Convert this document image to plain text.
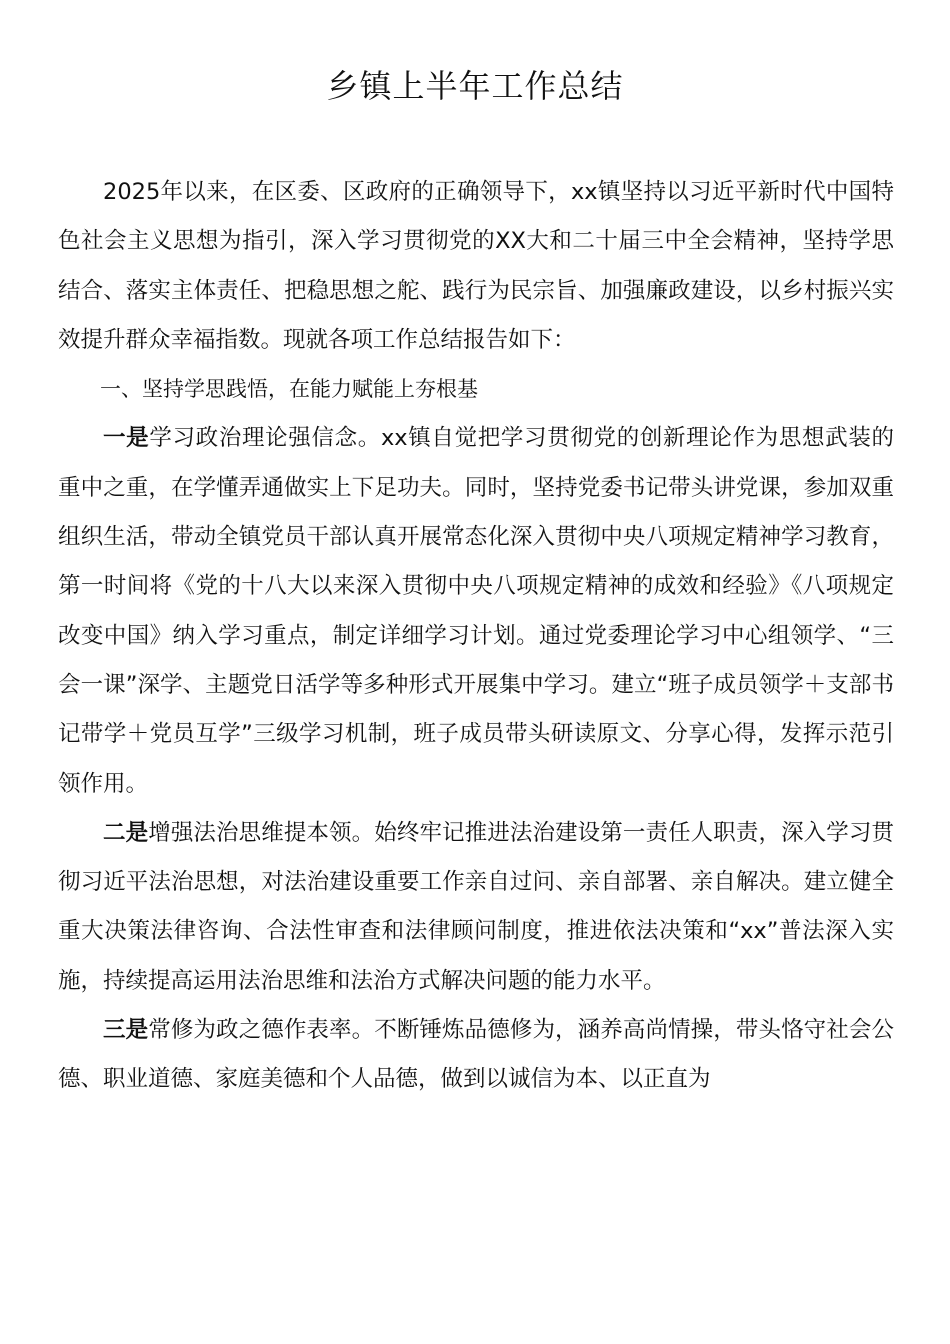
乡镇上半年工作总结

2025年以来，在区委、区政府的正确领导下，xx镇坚持以习近平新时代中国特色社会主义思想为指引，深入学习贯彻党的XX大和二十届三中全会精神，坚持学思结合、落实主体责任、把稳思想之舵、践行为民宗旨、加强廉政建设，以乡村振兴实效提升群众幸福指数。现就各项工作总结报告如下：

一、坚持学思践悟，在能力赋能上夯根基

一是学习政治理论强信念。xx镇自觉把学习贯彻党的创新理论作为思想武装的重中之重，在学懂弄通做实上下足功夫。同时，坚持党委书记带头讲党课，参加双重组织生活，带动全镇党员干部认真开展常态化深入贯彻中央八项规定精神学习教育，第一时间将《党的十八大以来深入贯彻中央八项规定精神的成效和经验》《八项规定改变中国》纳入学习重点，制定详细学习计划。通过党委理论学习中心组领学、“三会一课”深学、主题党日活学等多种形式开展集中学习。建立“班子成员领学＋支部书记带学＋党员互学”三级学习机制，班子成员带头研读原文、分享心得，发挥示范引领作用。

二是增强法治思维提本领。始终牢记推进法治建设第一责任人职责，深入学习贯彻习近平法治思想，对法治建设重要工作亲自过问、亲自部署、亲自解决。建立健全重大决策法律咨询、合法性审查和法律顾问制度，推进依法决策和“xx”普法深入实施，持续提高运用法治思维和法治方式解决问题的能力水平。

三是常修为政之德作表率。不断锤炼品德修为，涵养高尚情操，带头恪守社会公德、职业道德、家庭美德和个人品德，做到以诚信为本、以正直为
